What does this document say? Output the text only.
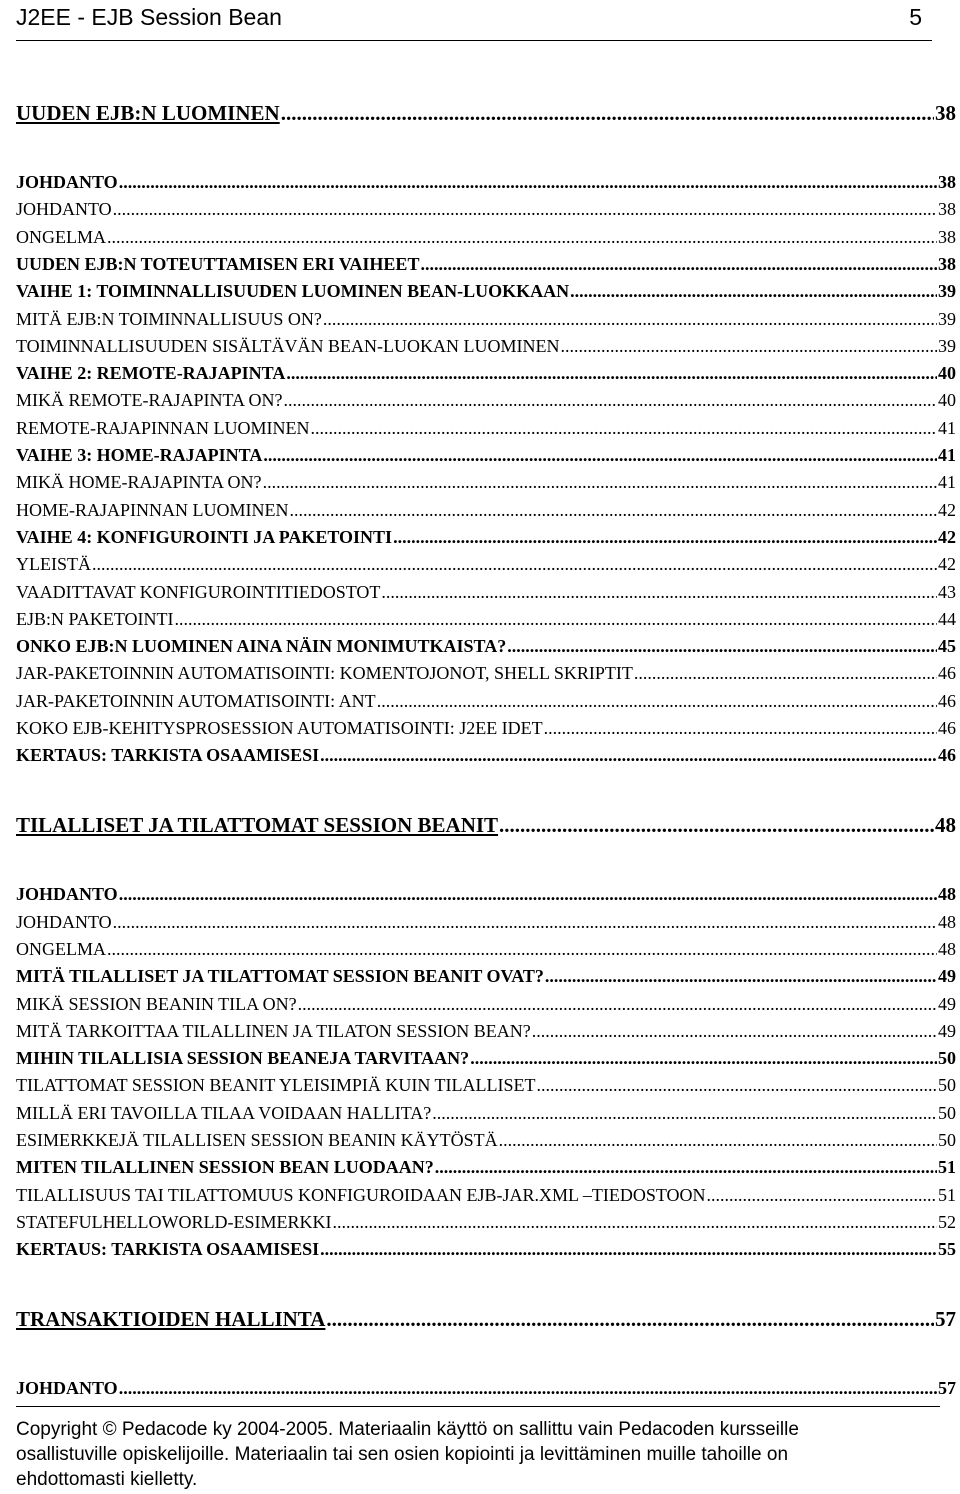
J2EE - EJB Session Bean	5
UUDEN EJB:N LUOMINEN .....	38
JOHDANTO .....	38
JOHDANTO .....	38
ONGELMA .....	38
UUDEN EJB:N TOTEUTTAMISEN ERI VAIHEET .....	38
VAIHE 1: TOIMINNALLISUUDEN LUOMINEN BEAN-LUOKKAAN .....	39
MITÄ EJB:N TOIMINNALLISUUS ON? .....	39
TOIMINNALLISUUDEN SISÄLTÄVÄN BEAN-LUOKAN LUOMINEN .....	39
VAIHE 2: REMOTE-RAJAPINTA .....	40
MIKÄ REMOTE-RAJAPINTA ON? .....	40
REMOTE-RAJAPINNAN LUOMINEN .....	41
VAIHE 3: HOME-RAJAPINTA .....	41
MIKÄ HOME-RAJAPINTA ON? .....	41
HOME-RAJAPINNAN LUOMINEN .....	42
VAIHE 4: KONFIGUROINTI JA PAKETOINTI .....	42
YLEISTÄ .....	42
VAADITTAVAT KONFIGUROINTITIEDOSTOT .....	43
EJB:N PAKETOINTI .....	44
ONKO EJB:N LUOMINEN AINA NÄIN MONIMUTKAISTA? .....	45
JAR-PAKETOINNIN AUTOMATISOINTI: KOMENTOJONOT, SHELL SKRIPTIT .....	46
JAR-PAKETOINNIN AUTOMATISOINTI: ANT .....	46
KOKO EJB-KEHITYSPROSESSION AUTOMATISOINTI: J2EE IDET .....	46
KERTAUS: TARKISTA OSAAMISESI .....	46
TILALLISET JA TILATTOMAT SESSION BEANIT .....	48
JOHDANTO .....	48
JOHDANTO .....	48
ONGELMA .....	48
MITÄ TILALLISET JA TILATTOMAT SESSION BEANIT OVAT? .....	49
MIKÄ SESSION BEANIN TILA ON? .....	49
MITÄ TARKOITTAA TILALLINEN JA TILATON SESSION BEAN? .....	49
MIHIN TILALLISIA SESSION BEANEJA TARVITAAN? .....	50
TILATTOMAT SESSION BEANIT YLEISIMPIÄ KUIN TILALLISET .....	50
MILLÄ ERI TAVOILLA TILAA VOIDAAN HALLITA? .....	50
ESIMERKKEJÄ TILALLISEN SESSION BEANIN KÄYTÖSTÄ .....	50
MITEN TILALLINEN SESSION BEAN LUODAAN? .....	51
TILALLISUUS TAI TILATTOMUUS KONFIGUROIDAAN EJB-JAR.XML –TIEDOSTOON .....	51
STATEFULHELLOWORLD-ESIMERKKI .....	52
KERTAUS: TARKISTA OSAAMISESI .....	55
TRANSAKTIOIDEN HALLINTA .....	57
JOHDANTO .....	57
Copyright © Pedacode ky 2004-2005. Materiaalin käyttö on sallittu vain Pedacoden kursseille
osallistuville opiskelijoille. Materiaalin tai sen osien kopiointi ja levittäminen muille tahoille on
ehdottomasti kielletty.
